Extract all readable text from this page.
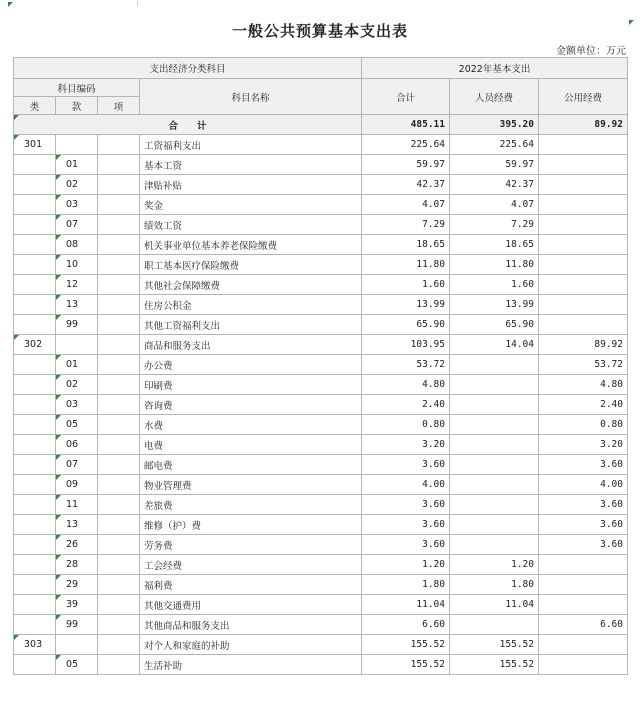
一般公共预算基本支出表
金额单位：万元
支出经济分类科目				2022年基本支出		
科目编码			科目名称	合计	人员经费	公用经费
类	款	项				
合　　计				485.11	395.20	89.92
301			工资福利支出	225.64	225.64	
	01		基本工资	59.97	59.97	
	02		津贴补贴	42.37	42.37	
	03		奖金	4.07	4.07	
	07		绩效工资	7.29	7.29	
	08		机关事业单位基本养老保险缴费	18.65	18.65	
	10		职工基本医疗保险缴费	11.80	11.80	
	12		其他社会保障缴费	1.60	1.60	
	13		住房公积金	13.99	13.99	
	99		其他工资福利支出	65.90	65.90	
302			商品和服务支出	103.95	14.04	89.92
	01		办公费	53.72		53.72
	02		印刷费	4.80		4.80
	03		咨询费	2.40		2.40
	05		水费	0.80		0.80
	06		电费	3.20		3.20
	07		邮电费	3.60		3.60
	09		物业管理费	4.00		4.00
	11		差旅费	3.60		3.60
	13		维修（护）费	3.60		3.60
	26		劳务费	3.60		3.60
	28		工会经费	1.20	1.20	
	29		福利费	1.80	1.80	
	39		其他交通费用	11.04	11.04	
	99		其他商品和服务支出	6.60		6.60
303			对个人和家庭的补助	155.52	155.52	
	05		生活补助	155.52	155.52	
